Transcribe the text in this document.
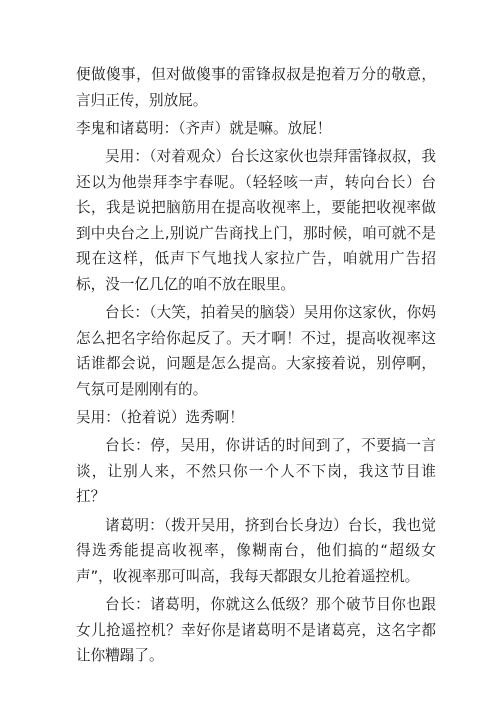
便做傻事，但对做傻事的雷锋叔叔是抱着万分的敬意，言归正传，别放屁。

李鬼和诸葛明：（齐声）就是嘛。放屁！

吴用：（对着观众）台长这家伙也崇拜雷锋叔叔，我还以为他崇拜李宇春呢。（轻轻咳一声，转向台长）台长，我是说把脑筋用在提高收视率上，要能把收视率做到中央台之上,别说广告商找上门，那时候，咱可就不是现在这样，低声下气地找人家拉广告，咱就用广告招标，没一亿几亿的咱不放在眼里。

台长：（大笑，拍着吴的脑袋）吴用你这家伙，你妈怎么把名字给你起反了。天才啊！不过，提高收视率这话谁都会说，问题是怎么提高。大家接着说，别停啊，气氛可是刚刚有的。

吴用：（抢着说）选秀啊！

台长：停，吴用，你讲话的时间到了，不要搞一言谈，让别人来，不然只你一个人不下岗，我这节目谁扛？

诸葛明：（拨开吴用，挤到台长身边）台长，我也觉得选秀能提高收视率，像糊南台，他们搞的“超级女声”，收视率那可叫高，我每天都跟女儿抢着遥控机。

台长：诸葛明，你就这么低级？那个破节目你也跟女儿抢遥控机？幸好你是诸葛明不是诸葛亮，这名字都让你糟蹋了。
